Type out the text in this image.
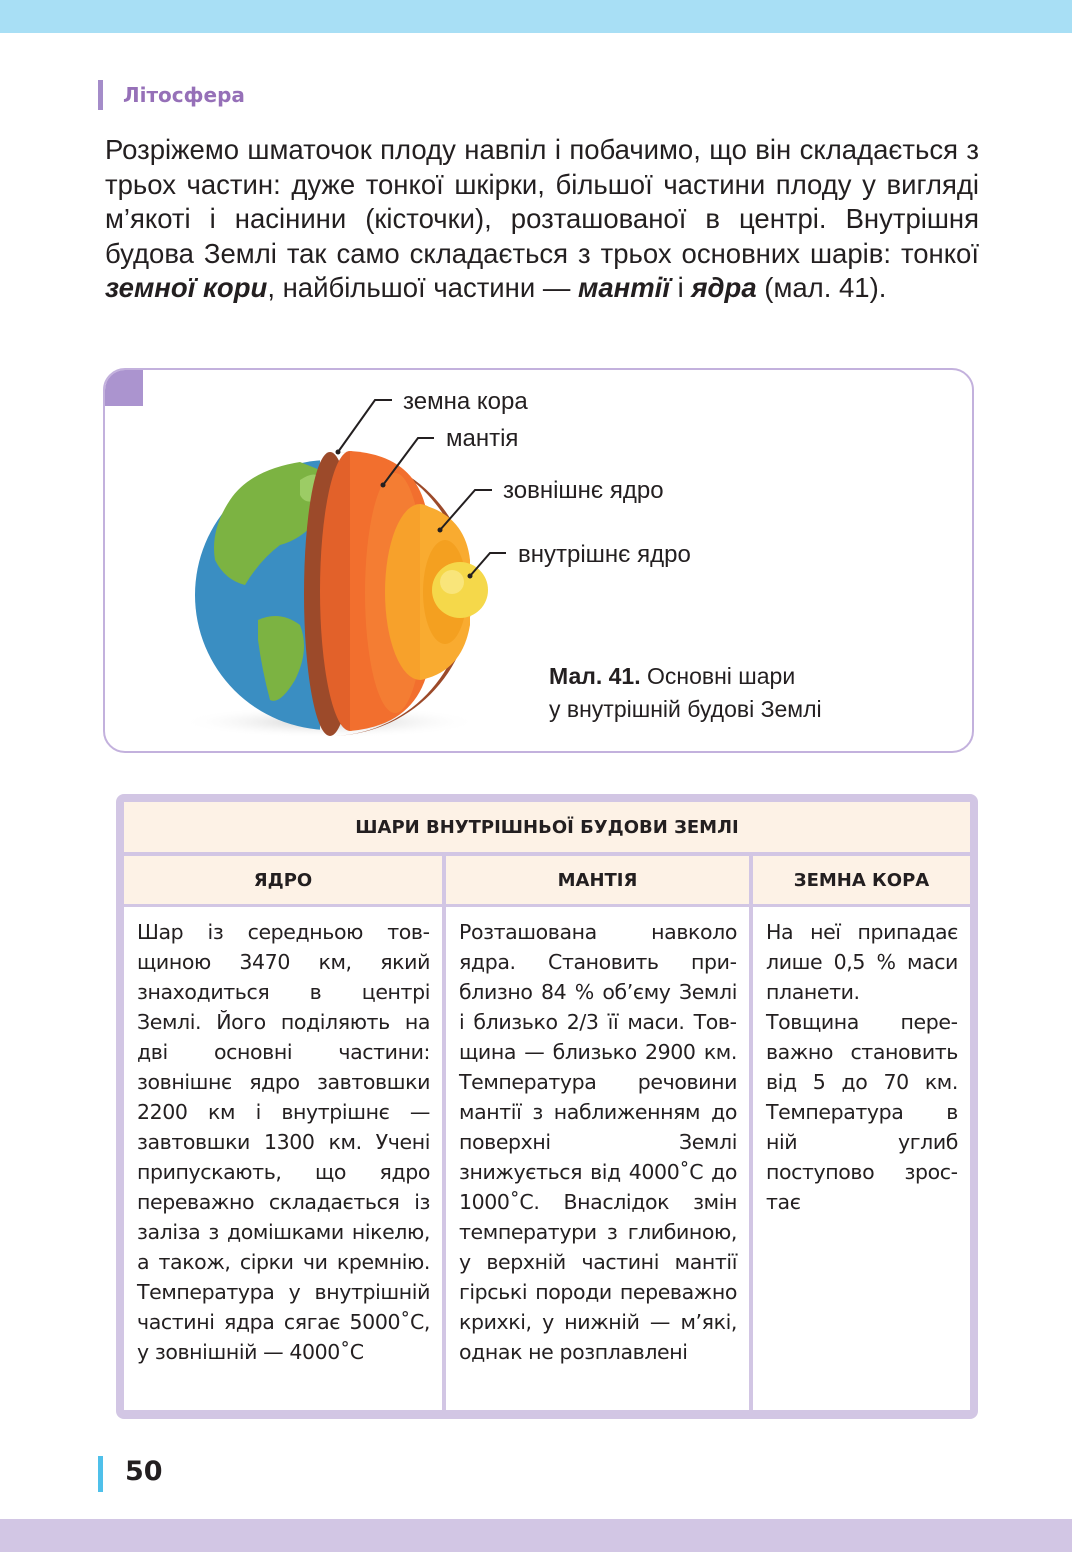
Літосфера

Розріжемо шматочок плоду навпіл і побачимо, що він складається з трьох частин: дуже тонкої шкірки, більшої частини плоду у вигляді м’якоті і насінини (кісточки), розташованої в центрі. Внутрішня будова Землі так само складається з трьох основних шарів: тонкої земної кори, найбільшої частини — мантії і ядра (мал. 41).

земна кора
мантія
зовнішнє ядро
внутрішнє ядро
Мал. 41. Основні шари
у внутрішній будові Землі
ШАРИ ВНУТРІШНЬОЇ БУДОВИ ЗЕМЛІ
ЯДРО	МАНТІЯ	ЗЕМНА КОРА

Шар із середньою товщиною 3470 км, який знаходиться в центрі Землі. Його поділяють на дві основні частини: зовнішнє ядро завтовшки 2200 км і внутрішнє — завтовшки 1300 км. Учені припускають, що ядро переважно складається із заліза з домішками нікелю, а також, сірки чи кремнію. Температура у внутрішній частині ядра сягає 5000˚С, у зовнішній — 4000˚С

Розташована навколо ядра. Становить приблизно 84 % об’єму Землі і близько 2/3 її маси. Товщина — близько 2900 км. Температура речовини мантії з наближенням до поверхні Землі знижується від 4000˚С до 1000˚С. Внаслідок змін температури з глибиною, у верхній частині мантії гірські породи переважно крихкі, у нижній — м’які, однак не розплавлені

На неї припадає лише 0,5 % маси планети. Товщина переважно становить від 5 до 70 км. Температура в ній углиб поступово зростає

50
